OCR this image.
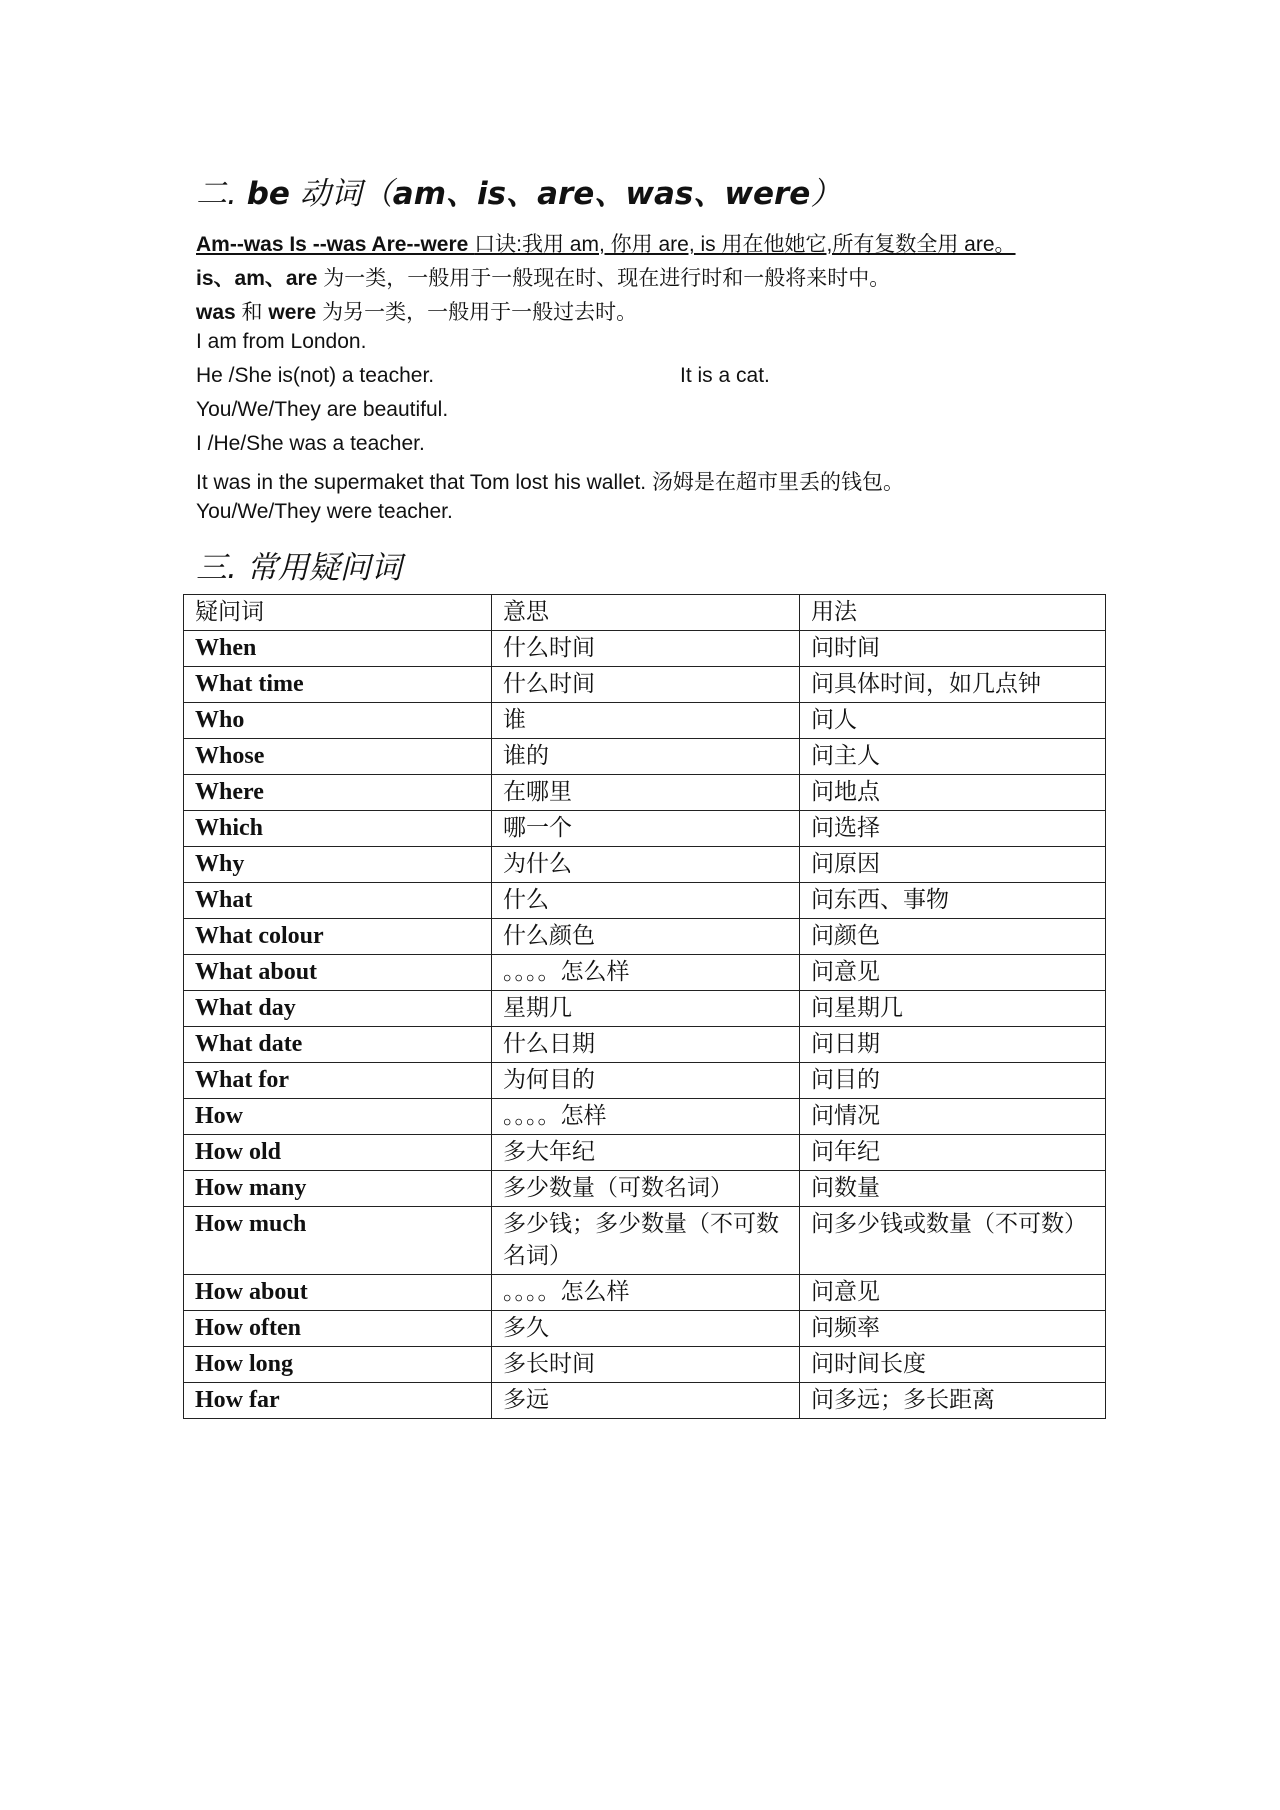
二. be 动词（am、is、are、was、were）
Am--was Is --was Are--were 口诀:我用 am, 你用 are, is 用在他她它,所有复数全用 are。
is、am、are 为一类，一般用于一般现在时、现在进行时和一般将来时中。
was 和 were 为另一类，一般用于一般过去时。
I am from London.
He /She is(not) a teacher.	It is a cat.
You/We/They are beautiful.
I /He/She was a teacher.
It was in the supermaket that Tom lost his wallet. 汤姆是在超市里丢的钱包。
You/We/They were teacher.
三. 常用疑问词
疑问词	意思	用法
When	什么时间	问时间
What time	什么时间	问具体时间，如几点钟
Who	谁	问人
Whose	谁的	问主人
Where	在哪里	问地点
Which	哪一个	问选择
Why	为什么	问原因
What	什么	问东西、事物
What colour	什么颜色	问颜色
What about	。。。。怎么样	问意见
What day	星期几	问星期几
What date	什么日期	问日期
What for	为何目的	问目的
How	。。。。怎样	问情况
How old	多大年纪	问年纪
How many	多少数量（可数名词）	问数量
How much	多少钱；多少数量（不可数名词）	问多少钱或数量（不可数）
How about	。。。。怎么样	问意见
How often	多久	问频率
How long	多长时间	问时间长度
How far	多远	问多远；多长距离
